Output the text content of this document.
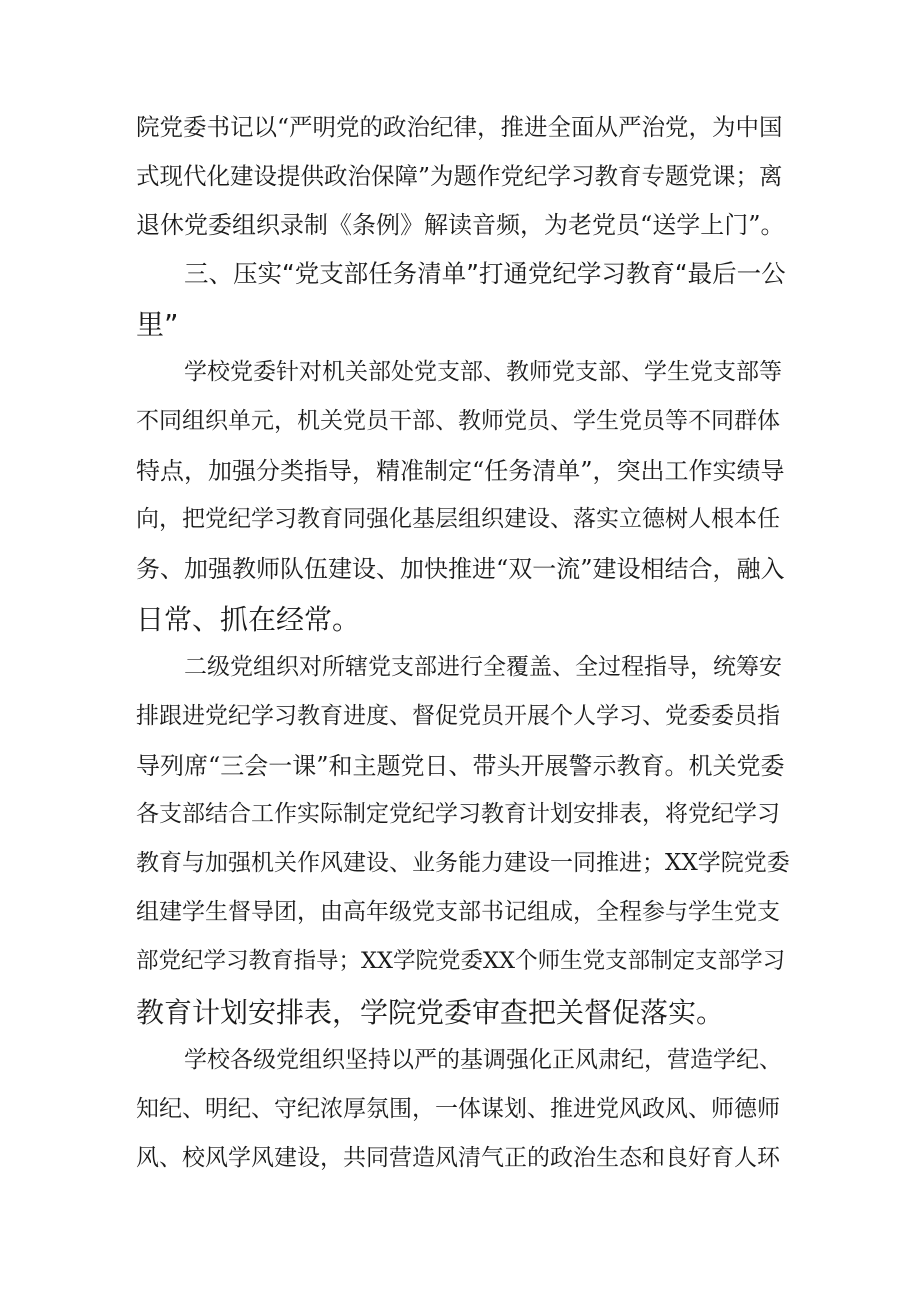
院党委书记以“严明党的政治纪律，推进全面从严治党，为中国
式现代化建设提供政治保障”为题作党纪学习教育专题党课；离
退休党委组织录制《条例》解读音频，为老党员“送学上门”。
三、压实“党支部任务清单”打通党纪学习教育“最后一公
里”
学校党委针对机关部处党支部、教师党支部、学生党支部等
不同组织单元，机关党员干部、教师党员、学生党员等不同群体
特点，加强分类指导，精准制定“任务清单”，突出工作实绩导
向，把党纪学习教育同强化基层组织建设、落实立德树人根本任
务、加强教师队伍建设、加快推进“双一流”建设相结合，融入
日常、抓在经常。
二级党组织对所辖党支部进行全覆盖、全过程指导，统筹安
排跟进党纪学习教育进度、督促党员开展个人学习、党委委员指
导列席“三会一课”和主题党日、带头开展警示教育。机关党委
各支部结合工作实际制定党纪学习教育计划安排表，将党纪学习
教育与加强机关作风建设、业务能力建设一同推进；XX学院党委
组建学生督导团，由高年级党支部书记组成，全程参与学生党支
部党纪学习教育指导；XX学院党委XX个师生党支部制定支部学习
教育计划安排表，学院党委审查把关督促落实。
学校各级党组织坚持以严的基调强化正风肃纪，营造学纪、
知纪、明纪、守纪浓厚氛围，一体谋划、推进党风政风、师德师
风、校风学风建设，共同营造风清气正的政治生态和良好育人环
